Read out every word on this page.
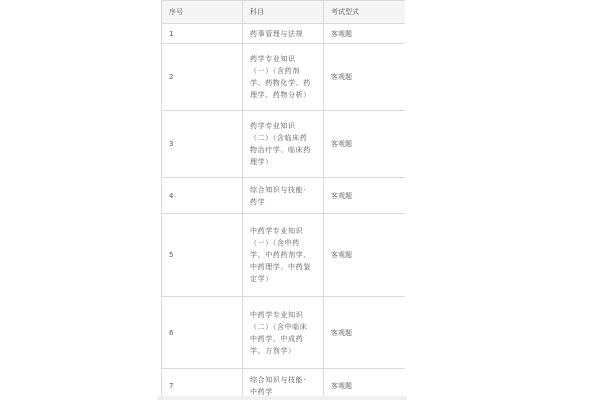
序号	科目	考试型式
1	药事管理与法规	客观题
2	药学专业知识（一）（含药剂学、药物化学、药理学、药物分析）	客观题
3	药学专业知识（二）（含临床药物治疗学、临床药理学）	客观题
4	综合知识与技能·药学	客观题
5	中药学专业知识（一）（含中药学、中药药剂学、中药理学、中药鉴定学）	客观题
6	中药学专业知识（二）（含中临床中药学、中成药学、方剂学）	客观题
7	综合知识与技能·中药学	客观题
